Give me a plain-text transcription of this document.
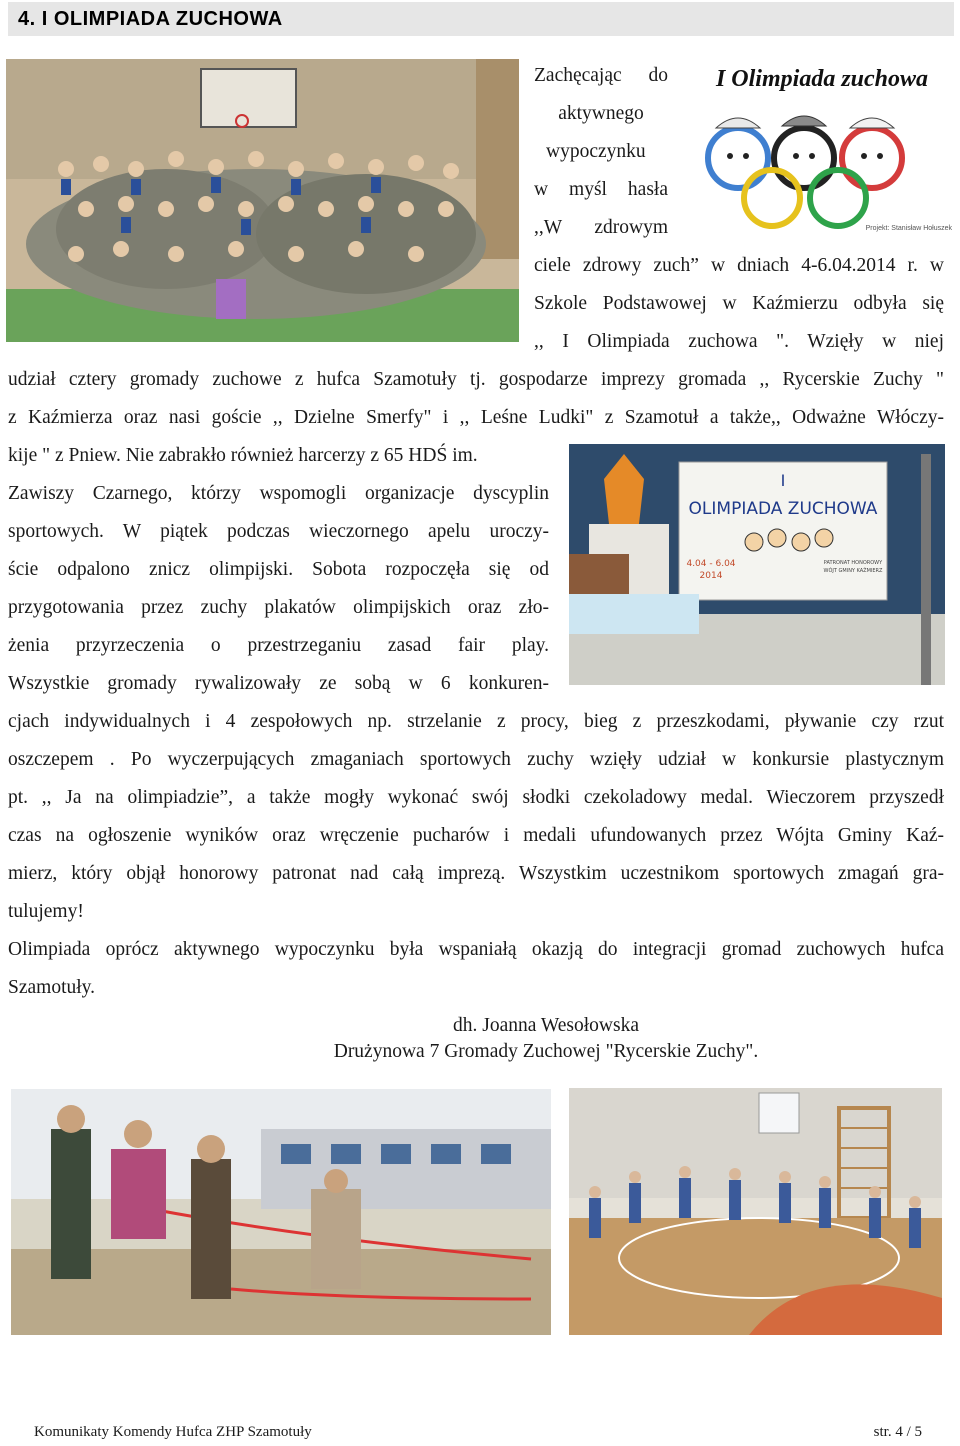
4. I OLIMPIADA ZUCHOWA
I Olimpiada zuchowa
Projekt: Stanisław Hołuszek
Zachęcając do
aktywnego
wypoczynku
w myśl hasła
,,W zdrowym
ciele zdrowy zuch” w dniach 4-6.04.2014 r. w
Szkole Podstawowej w Kaźmierzu odbyła się
,, I Olimpiada zuchowa ". Wzięły w niej
udział cztery gromady zuchowe z hufca Szamotuły tj. gospodarze imprezy gromada ,, Rycerskie Zuchy "
z Kaźmierza oraz nasi goście ,, Dzielne Smerfy" i ,, Leśne Ludki" z Szamotuł a także,, Odważne Włóczy-
I
OLIMPIADA ZUCHOWA
4.04 - 6.04
2014
PATRONAT HONOROWY
WÓJT GMINY KAŹMIERZ
kije " z Pniew. Nie zabrakło również harcerzy z 65 HDŚ im.
Zawiszy Czarnego, którzy wspomogli organizacje dyscyplin
sportowych. W piątek podczas wieczornego apelu uroczy-
ście odpalono znicz olimpijski. Sobota rozpoczęła się od
przygotowania przez zuchy plakatów olimpijskich oraz zło-
żenia przyrzeczenia o przestrzeganiu zasad fair play.
Wszystkie gromady rywalizowały ze sobą w 6 konkuren-
cjach indywidualnych i 4 zespołowych np. strzelanie z procy, bieg z przeszkodami, pływanie czy rzut
oszczepem . Po wyczerpujących zmaganiach sportowych zuchy wzięły udział w konkursie plastycznym
pt. ,, Ja na olimpiadzie”, a także mogły wykonać swój słodki czekoladowy medal. Wieczorem przyszedł
czas na ogłoszenie wyników oraz wręczenie pucharów i medali ufundowanych przez Wójta Gminy Kaź-
mierz, który objął honorowy patronat nad całą imprezą. Wszystkim uczestnikom sportowych zmagań gra-
tulujemy!
Olimpiada oprócz aktywnego wypoczynku była wspaniałą okazją do integracji gromad zuchowych hufca
Szamotuły.
dh. Joanna Wesołowska
Drużynowa 7 Gromady Zuchowej "Rycerskie Zuchy".
Komunikaty Komendy Hufca ZHP Szamotuły	str. 4 / 5
